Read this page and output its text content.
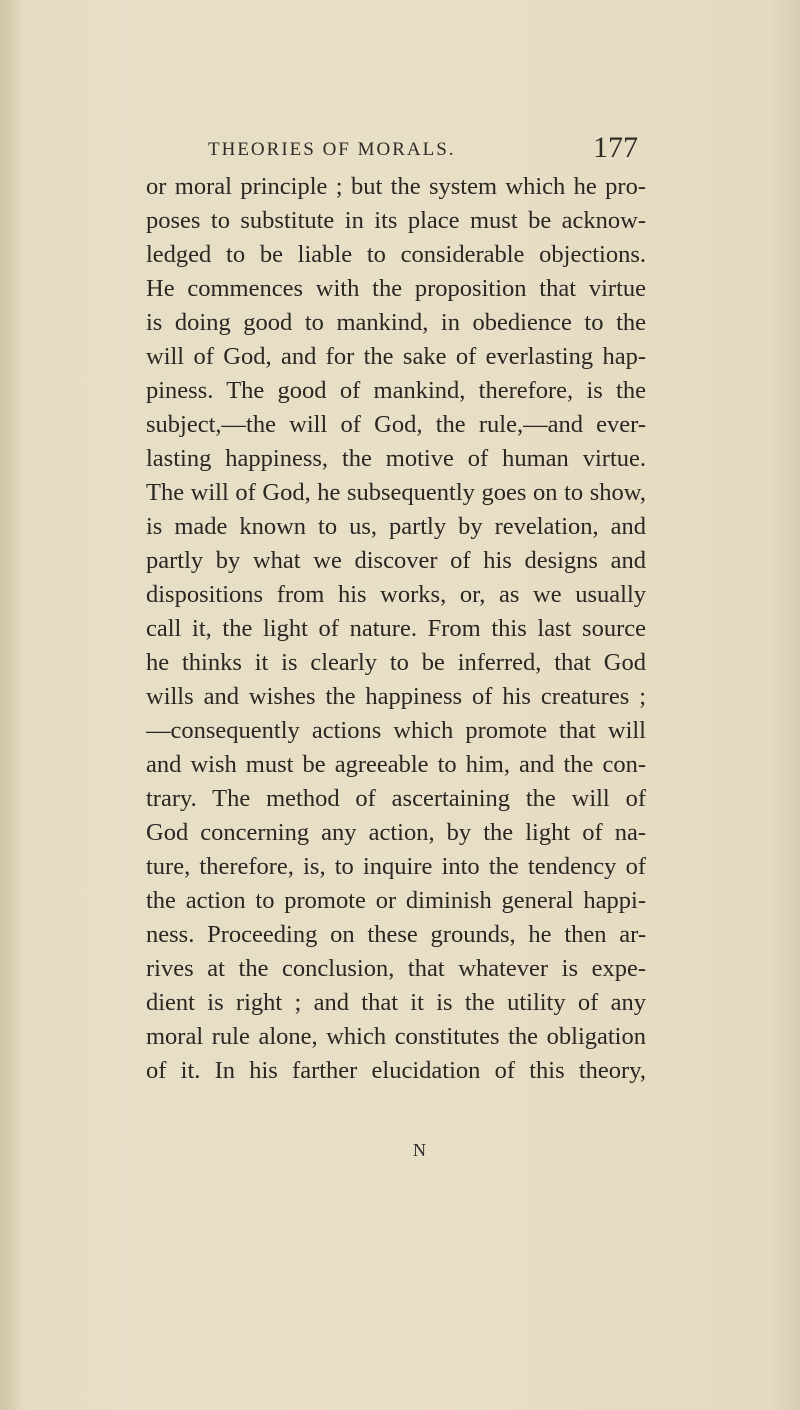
THEORIES OF MORALS.	177
or moral principle ; but the system which he pro-
poses to substitute in its place must be acknow-
ledged to be liable to considerable objections.
He commences with the proposition that virtue
is doing good to mankind, in obedience to the
will of God, and for the sake of everlasting hap-
piness. The good of mankind, therefore, is the
subject,—the will of God, the rule,—and ever-
lasting happiness, the motive of human virtue.
The will of God, he subsequently goes on to show,
is made known to us, partly by revelation, and
partly by what we discover of his designs and
dispositions from his works, or, as we usually
call it, the light of nature. From this last source
he thinks it is clearly to be inferred, that God
wills and wishes the happiness of his creatures ;
—consequently actions which promote that will
and wish must be agreeable to him, and the con-
trary. The method of ascertaining the will of
God concerning any action, by the light of na-
ture, therefore, is, to inquire into the tendency of
the action to promote or diminish general happi-
ness. Proceeding on these grounds, he then ar-
rives at the conclusion, that whatever is expe-
dient is right ; and that it is the utility of any
moral rule alone, which constitutes the obligation
of it. In his farther elucidation of this theory,
N
